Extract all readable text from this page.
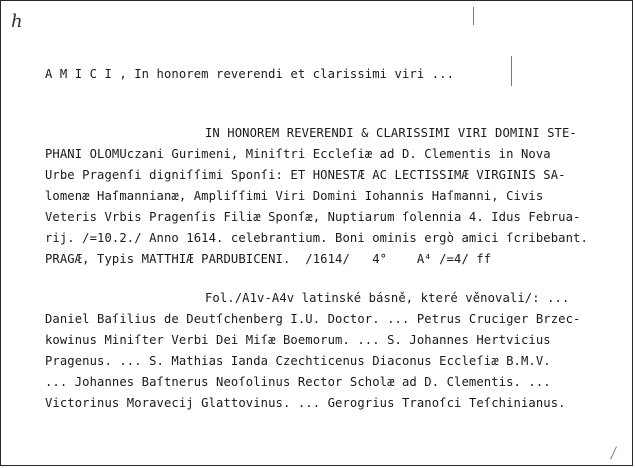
h
A M I C I , In honorem reverendi et clarissimi viri ...
IN HONOREM REVERENDI & CLARISSIMI VIRI DOMINI STE-
PHANI OLOMUczani Gurimeni, Miniſtri Eccleſiæ ad D. Clementis in Nova
Urbe Pragenſi digniſſimi Sponſi: ET HONESTÆ AC LECTISSIMÆ VIRGINIS SA-
lomenæ Haſmannianæ, Ampliſſimi Viri Domini Iohannis Haſmanni, Civis
Veteris Vrbis Pragenſis Filiæ Sponſæ, Nuptiarum ſolennia 4. Idus Februa-
rij. /=10.2./ Anno 1614. celebrantium. Boni ominis ergò amici ſcribebant.
PRAGÆ, Typis MATTHIÆ PARDUBICENI.  /1614/   4°    A⁴ /=4/ ff
Fol./A1v-A4v latinské básně, které věnovali/: ...
Daniel Baſilius de Deutſchenberg I.U. Doctor. ... Petrus Cruciger Brzec-
kowinus Miniſter Verbi Dei Miſæ Boemorum. ... S. Johannes Hertvicius
Pragenus. ... S. Mathias Ianda Czechticenus Diaconus Eccleſiæ B.M.V.
... Johannes Baſtnerus Neoſolinus Rector Scholæ ad D. Clementis. ...
Victorinus Moravecij Glattovinus. ... Gerogrius Tranoſci Teſchinianus.
